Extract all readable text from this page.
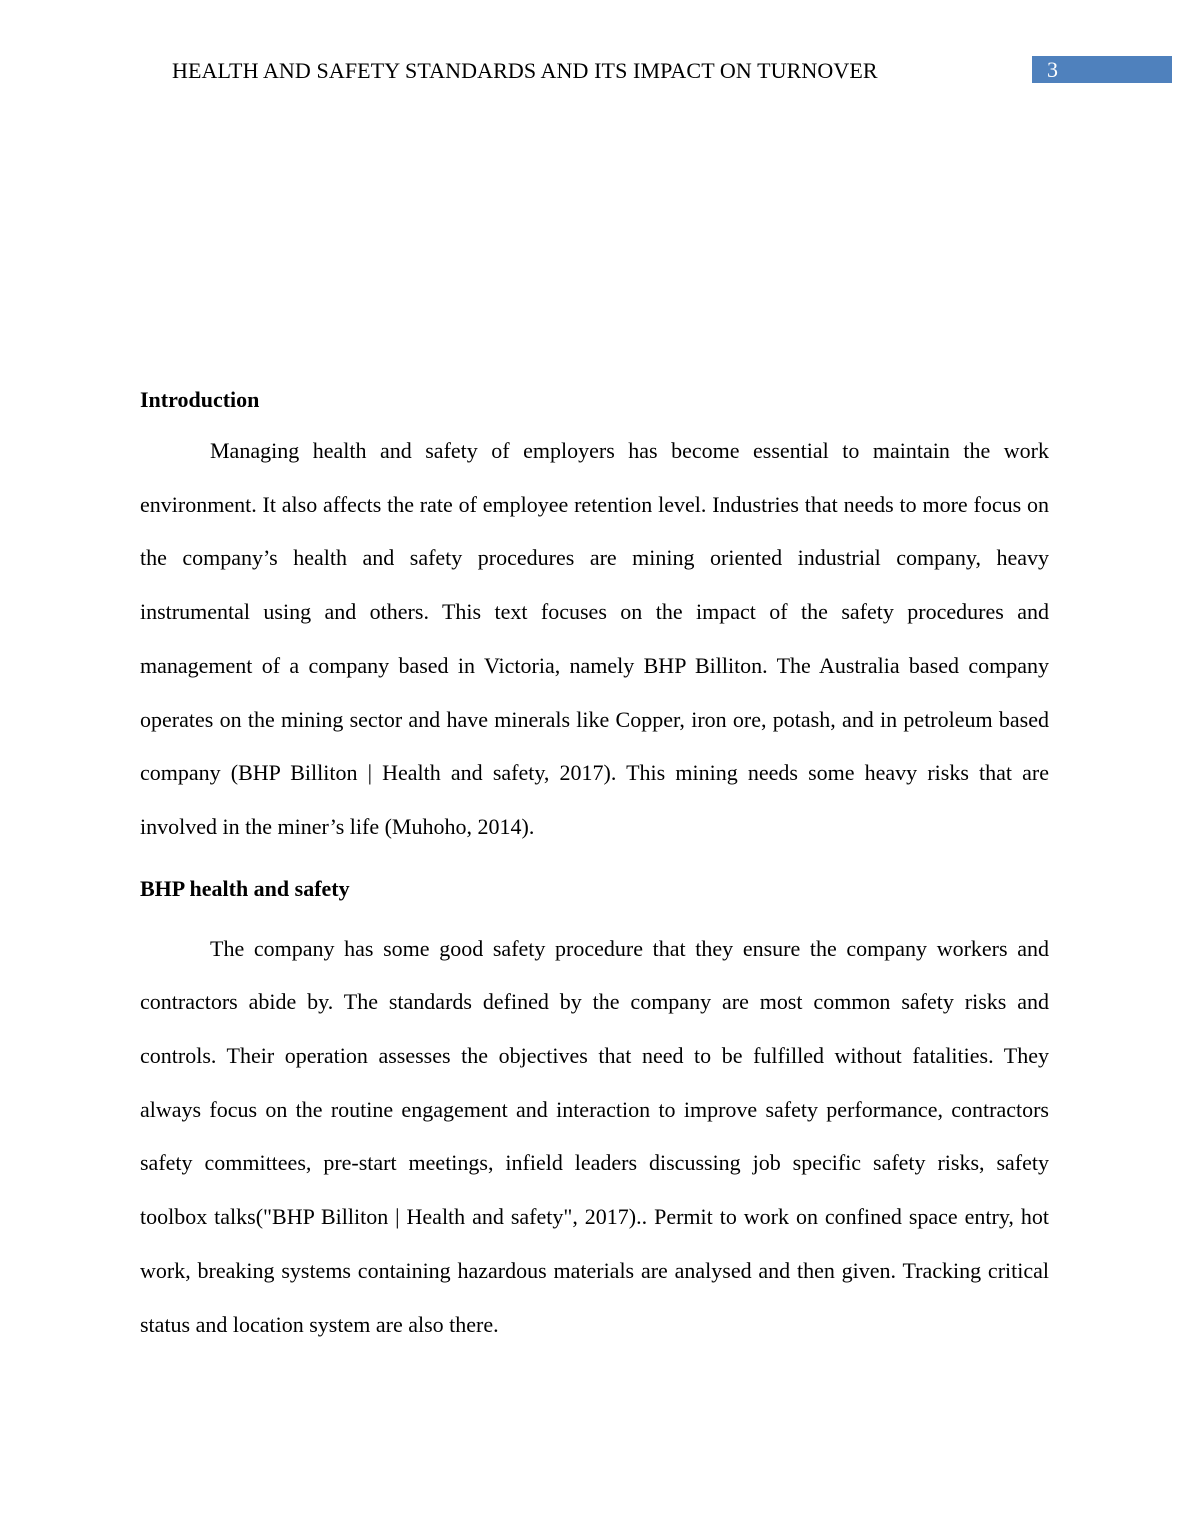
HEALTH AND SAFETY STANDARDS AND ITS IMPACT ON TURNOVER	3

Introduction

Managing health and safety of employers has become essential to maintain the work environment. It also affects the rate of employee retention level. Industries that needs to more focus on the company’s health and safety procedures are mining oriented industrial company, heavy instrumental using and others. This text focuses on the impact of the safety procedures and management of a company based in Victoria, namely BHP Billiton. The Australia based company operates on the mining sector and have minerals like Copper, iron ore, potash, and in petroleum based company (BHP Billiton | Health and safety, 2017). This mining needs some heavy risks that are involved in the miner’s life (Muhoho, 2014).

BHP health and safety

The company has some good safety procedure that they ensure the company workers and contractors abide by. The standards defined by the company are most common safety risks and controls. Their operation assesses the objectives that need to be fulfilled without fatalities. They always focus on the routine engagement and interaction to improve safety performance, contractors safety committees, pre-start meetings, infield leaders discussing job specific safety risks, safety toolbox talks("BHP Billiton | Health and safety", 2017).. Permit to work on confined space entry, hot work, breaking systems containing hazardous materials are analysed and then given. Tracking critical status and location system are also there.
